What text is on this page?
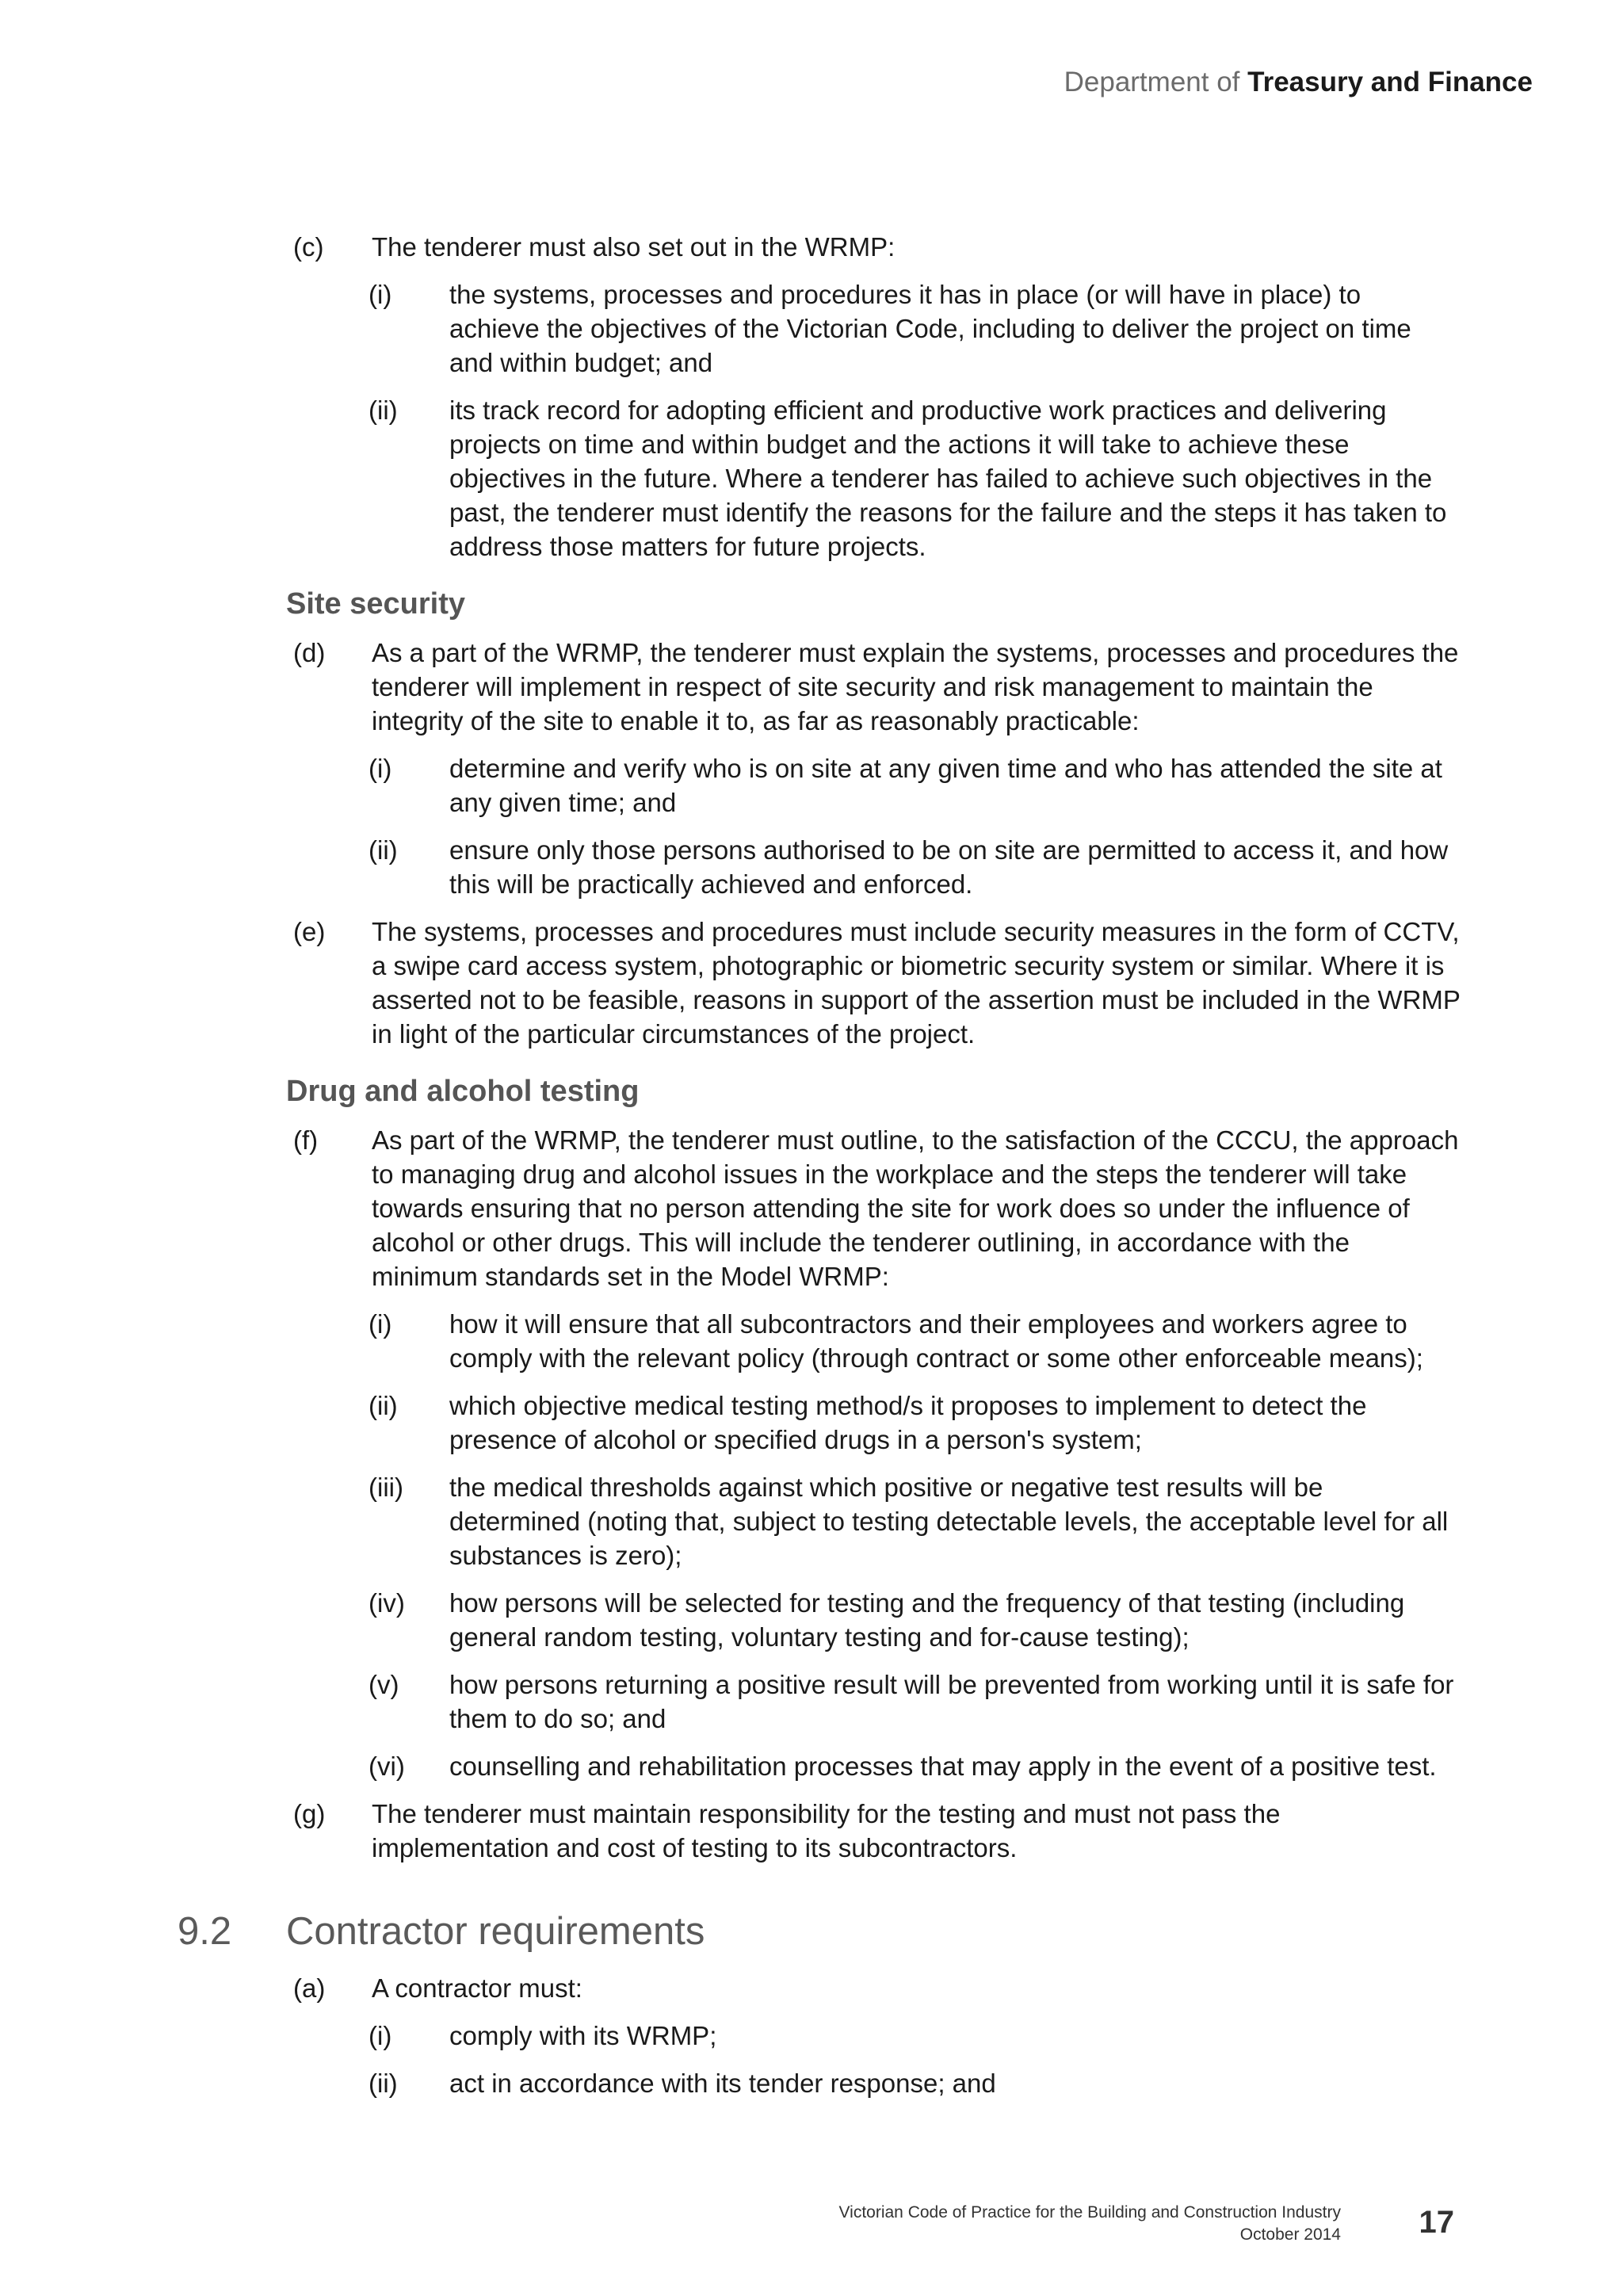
Department of Treasury and Finance
(c) The tenderer must also set out in the WRMP:
(i) the systems, processes and procedures it has in place (or will have in place) to achieve the objectives of the Victorian Code, including to deliver the project on time and within budget; and
(ii) its track record for adopting efficient and productive work practices and delivering projects on time and within budget and the actions it will take to achieve these objectives in the future. Where a tenderer has failed to achieve such objectives in the past, the tenderer must identify the reasons for the failure and the steps it has taken to address those matters for future projects.
Site security
(d) As a part of the WRMP, the tenderer must explain the systems, processes and procedures the tenderer will implement in respect of site security and risk management to maintain the integrity of the site to enable it to, as far as reasonably practicable:
(i) determine and verify who is on site at any given time and who has attended the site at any given time; and
(ii) ensure only those persons authorised to be on site are permitted to access it, and how this will be practically achieved and enforced.
(e) The systems, processes and procedures must include security measures in the form of CCTV, a swipe card access system, photographic or biometric security system or similar. Where it is asserted not to be feasible, reasons in support of the assertion must be included in the WRMP in light of the particular circumstances of the project.
Drug and alcohol testing
(f) As part of the WRMP, the tenderer must outline, to the satisfaction of the CCCU, the approach to managing drug and alcohol issues in the workplace and the steps the tenderer will take towards ensuring that no person attending the site for work does so under the influence of alcohol or other drugs. This will include the tenderer outlining, in accordance with the minimum standards set in the Model WRMP:
(i) how it will ensure that all subcontractors and their employees and workers agree to comply with the relevant policy (through contract or some other enforceable means);
(ii) which objective medical testing method/s it proposes to implement to detect the presence of alcohol or specified drugs in a person's system;
(iii) the medical thresholds against which positive or negative test results will be determined (noting that, subject to testing detectable levels, the acceptable level for all substances is zero);
(iv) how persons will be selected for testing and the frequency of that testing (including general random testing, voluntary testing and for-cause testing);
(v) how persons returning a positive result will be prevented from working until it is safe for them to do so; and
(vi) counselling and rehabilitation processes that may apply in the event of a positive test.
(g) The tenderer must maintain responsibility for the testing and must not pass the implementation and cost of testing to its subcontractors.
9.2 Contractor requirements
(a) A contractor must:
(i) comply with its WRMP;
(ii) act in accordance with its tender response; and
Victorian Code of Practice for the Building and Construction Industry
October 2014 17
